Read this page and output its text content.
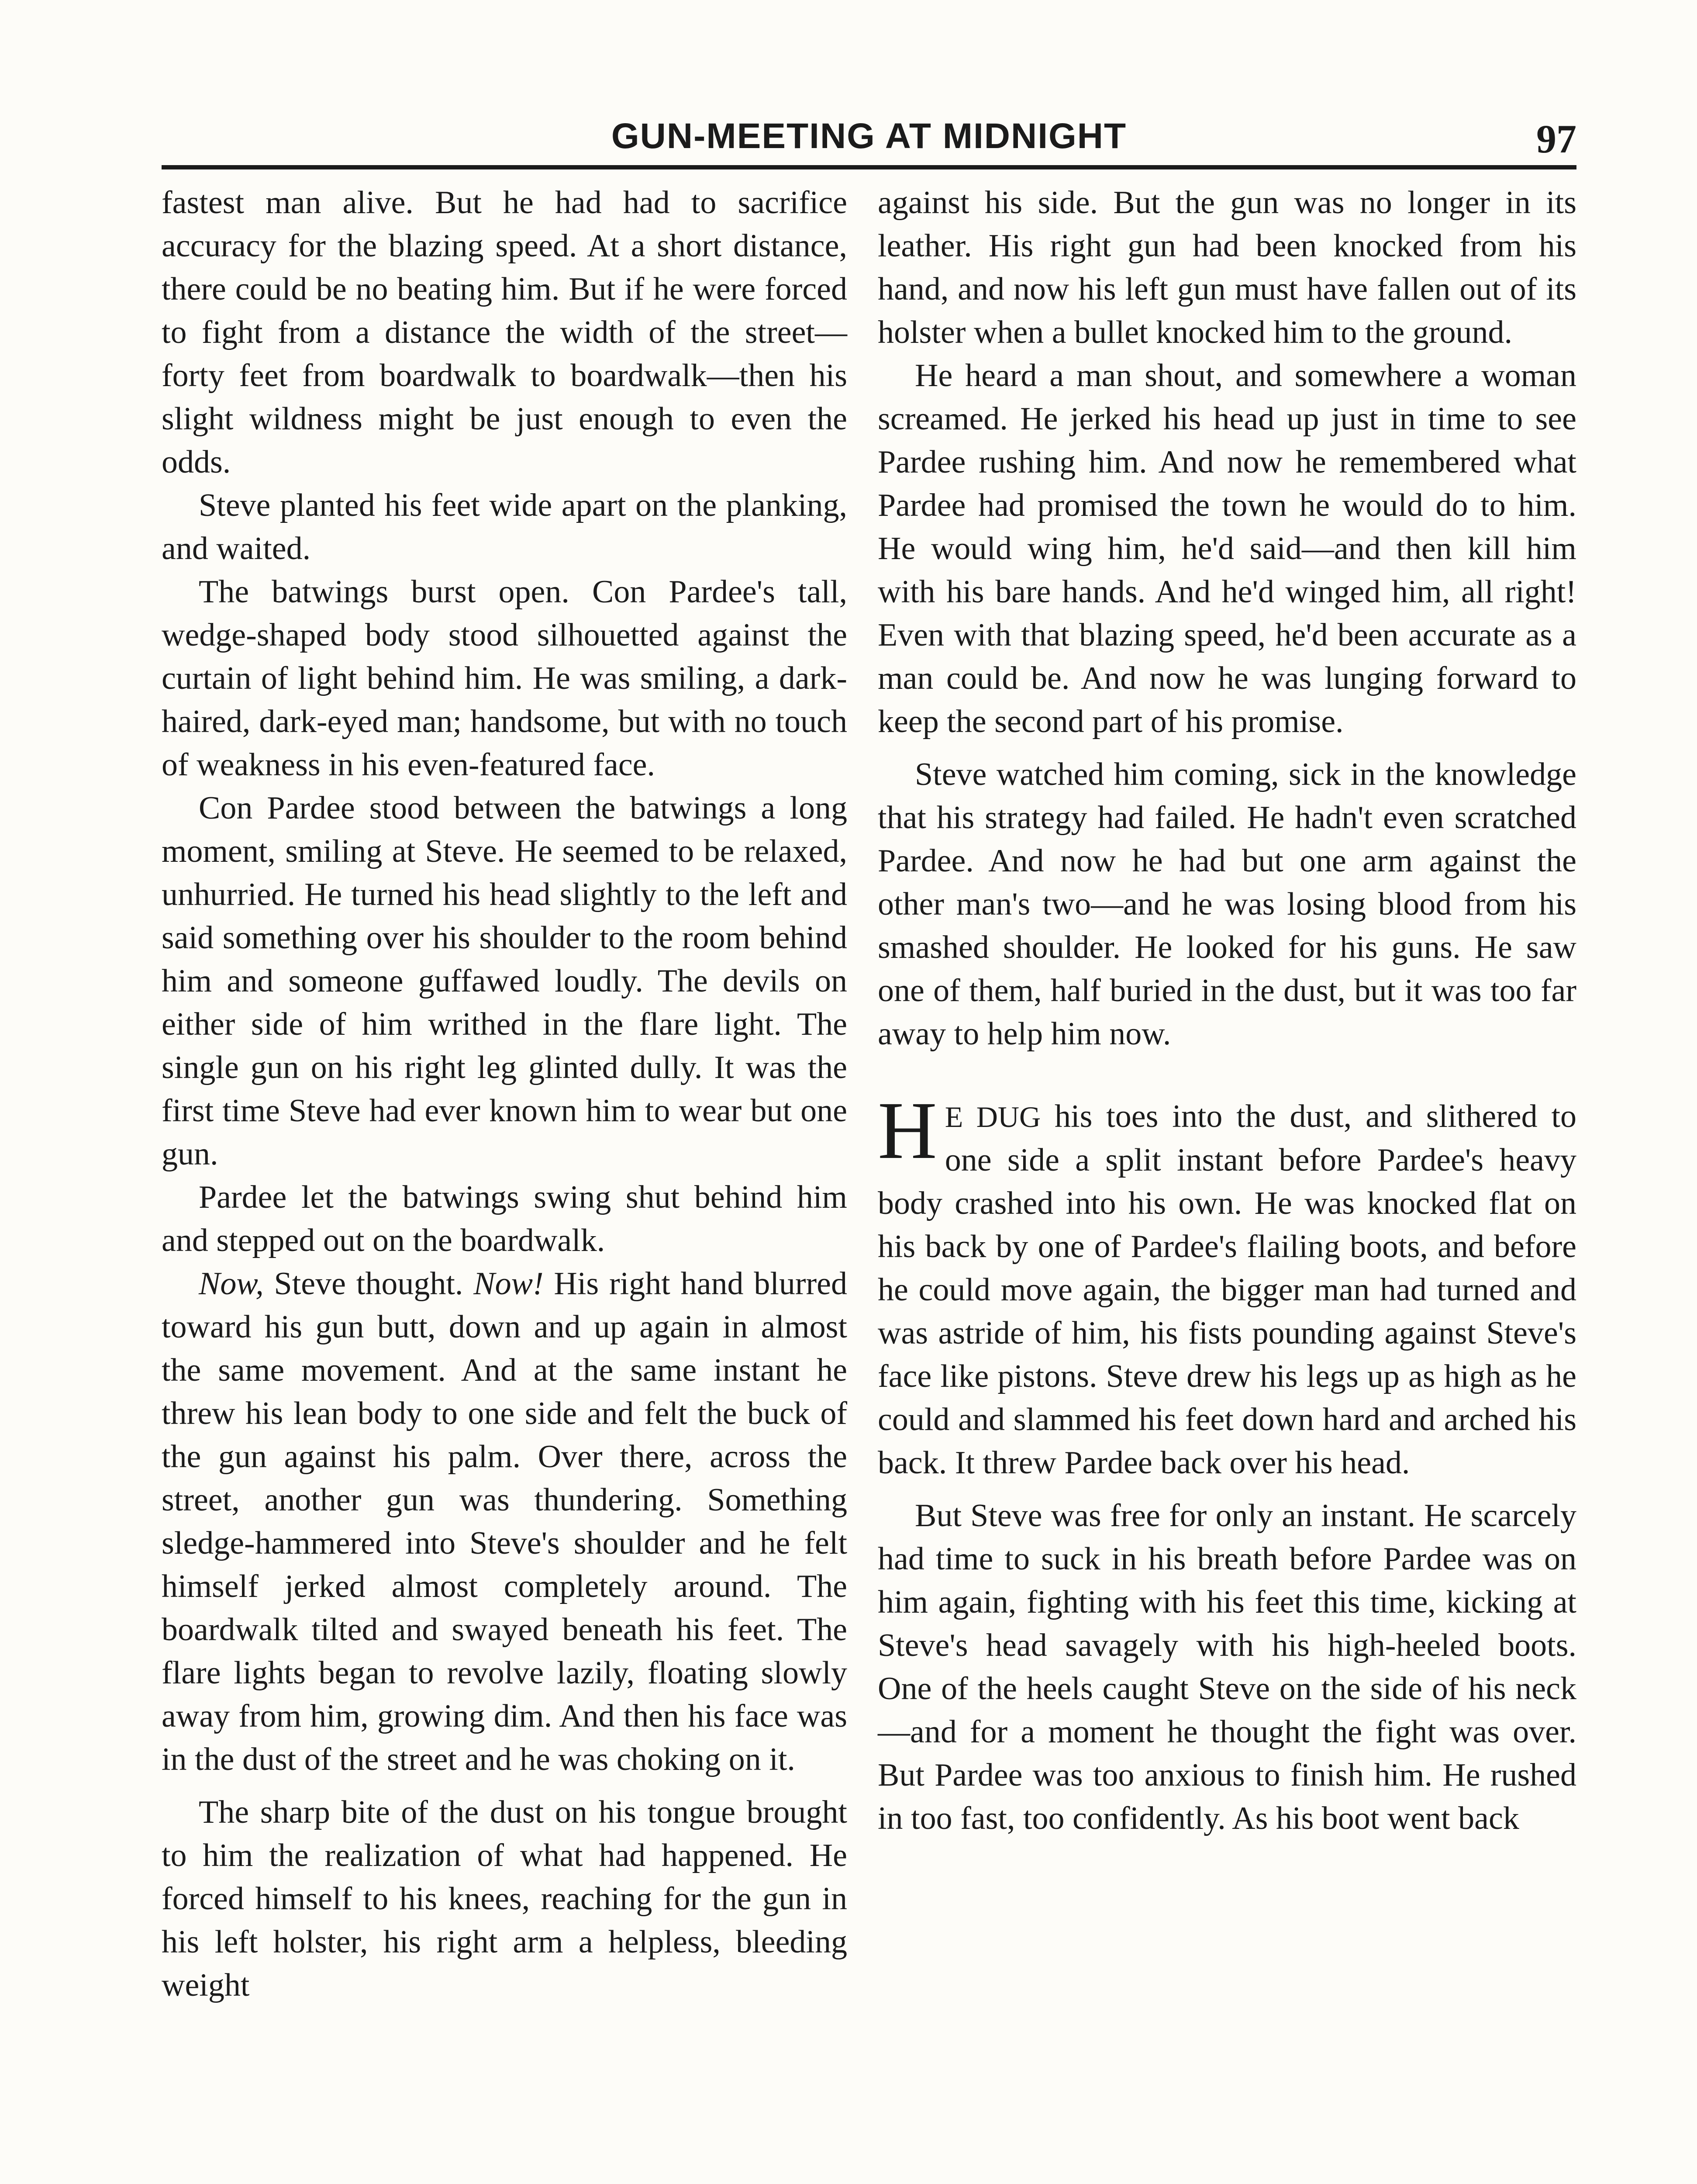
GUN-MEETING AT MIDNIGHT	97

fastest man alive. But he had had to sacrifice accuracy for the blazing speed. At a short distance, there could be no beating him. But if he were forced to fight from a distance the width of the street—forty feet from boardwalk to boardwalk—then his slight wildness might be just enough to even the odds.

Steve planted his feet wide apart on the planking, and waited.

The batwings burst open. Con Pardee's tall, wedge-shaped body stood silhouetted against the curtain of light behind him. He was smiling, a dark-haired, dark-eyed man; handsome, but with no touch of weakness in his even-featured face.

Con Pardee stood between the batwings a long moment, smiling at Steve. He seemed to be relaxed, unhurried. He turned his head slightly to the left and said something over his shoulder to the room behind him and someone guffawed loudly. The devils on either side of him writhed in the flare light. The single gun on his right leg glinted dully. It was the first time Steve had ever known him to wear but one gun.

Pardee let the batwings swing shut behind him and stepped out on the boardwalk.

Now, Steve thought. Now! His right hand blurred toward his gun butt, down and up again in almost the same movement. And at the same instant he threw his lean body to one side and felt the buck of the gun against his palm. Over there, across the street, another gun was thundering. Something sledge-hammered into Steve's shoulder and he felt himself jerked almost completely around. The boardwalk tilted and swayed beneath his feet. The flare lights began to revolve lazily, floating slowly away from him, growing dim. And then his face was in the dust of the street and he was choking on it.

The sharp bite of the dust on his tongue brought to him the realization of what had happened. He forced himself to his knees, reaching for the gun in his left holster, his right arm a helpless, bleeding weight

against his side. But the gun was no longer in its leather. His right gun had been knocked from his hand, and now his left gun must have fallen out of its holster when a bullet knocked him to the ground.

He heard a man shout, and somewhere a woman screamed. He jerked his head up just in time to see Pardee rushing him. And now he remembered what Pardee had promised the town he would do to him. He would wing him, he'd said—and then kill him with his bare hands. And he'd winged him, all right! Even with that blazing speed, he'd been accurate as a man could be. And now he was lunging forward to keep the second part of his promise.

Steve watched him coming, sick in the knowledge that his strategy had failed. He hadn't even scratched Pardee. And now he had but one arm against the other man's two—and he was losing blood from his smashed shoulder. He looked for his guns. He saw one of them, half buried in the dust, but it was too far away to help him now.

H E DUG his toes into the dust, and slithered to one side a split instant before Pardee's heavy body crashed into his own. He was knocked flat on his back by one of Pardee's flailing boots, and before he could move again, the bigger man had turned and was astride of him, his fists pounding against Steve's face like pistons. Steve drew his legs up as high as he could and slammed his feet down hard and arched his back. It threw Pardee back over his head.

But Steve was free for only an instant. He scarcely had time to suck in his breath before Pardee was on him again, fighting with his feet this time, kicking at Steve's head savagely with his high-heeled boots. One of the heels caught Steve on the side of his neck—and for a moment he thought the fight was over. But Pardee was too anxious to finish him. He rushed in too fast, too confidently. As his boot went back
